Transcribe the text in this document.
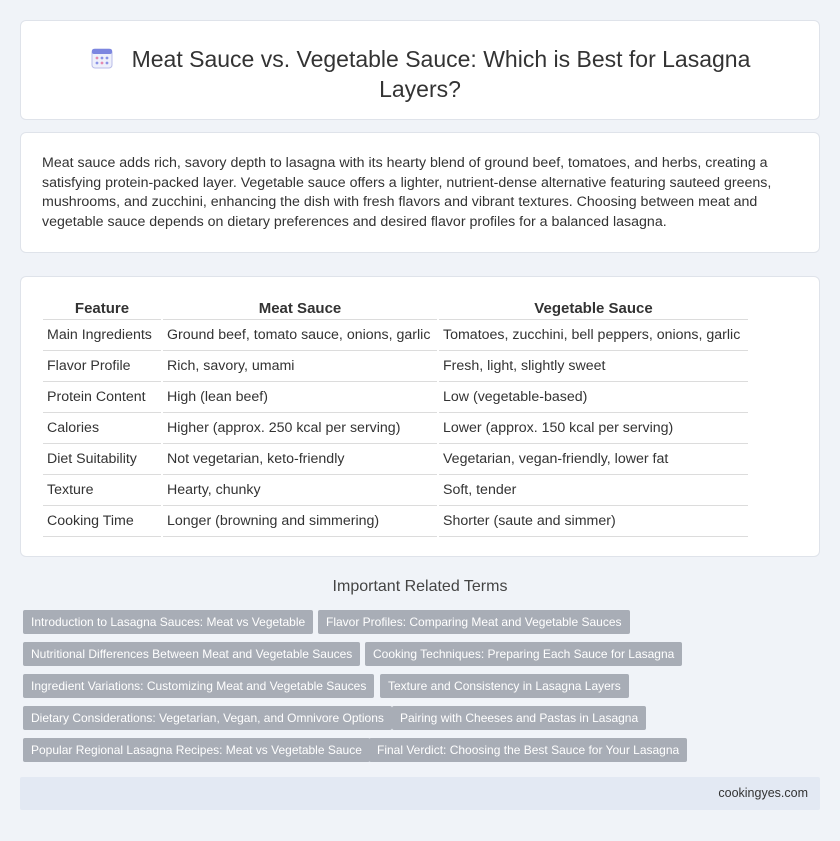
Meat Sauce vs. Vegetable Sauce: Which is Best for Lasagna Layers?

Meat sauce adds rich, savory depth to lasagna with its hearty blend of ground beef, tomatoes, and herbs, creating a satisfying protein-packed layer. Vegetable sauce offers a lighter, nutrient-dense alternative featuring sauteed greens, mushrooms, and zucchini, enhancing the dish with fresh flavors and vibrant textures. Choosing between meat and vegetable sauce depends on dietary preferences and desired flavor profiles for a balanced lasagna.

Feature	Meat Sauce	Vegetable Sauce
Main Ingredients	Ground beef, tomato sauce, onions, garlic	Tomatoes, zucchini, bell peppers, onions, garlic
Flavor Profile	Rich, savory, umami	Fresh, light, slightly sweet
Protein Content	High (lean beef)	Low (vegetable-based)
Calories	Higher (approx. 250 kcal per serving)	Lower (approx. 150 kcal per serving)
Diet Suitability	Not vegetarian, keto-friendly	Vegetarian, vegan-friendly, lower fat
Texture	Hearty, chunky	Soft, tender
Cooking Time	Longer (browning and simmering)	Shorter (saute and simmer)
Important Related Terms
Introduction to Lasagna Sauces: Meat vs Vegetable	Flavor Profiles: Comparing Meat and Vegetable Sauces
Nutritional Differences Between Meat and Vegetable Sauces	Cooking Techniques: Preparing Each Sauce for Lasagna
Ingredient Variations: Customizing Meat and Vegetable Sauces	Texture and Consistency in Lasagna Layers
Dietary Considerations: Vegetarian, Vegan, and Omnivore Options	Pairing with Cheeses and Pastas in Lasagna
Popular Regional Lasagna Recipes: Meat vs Vegetable Sauce	Final Verdict: Choosing the Best Sauce for Your Lasagna
cookingyes.com
